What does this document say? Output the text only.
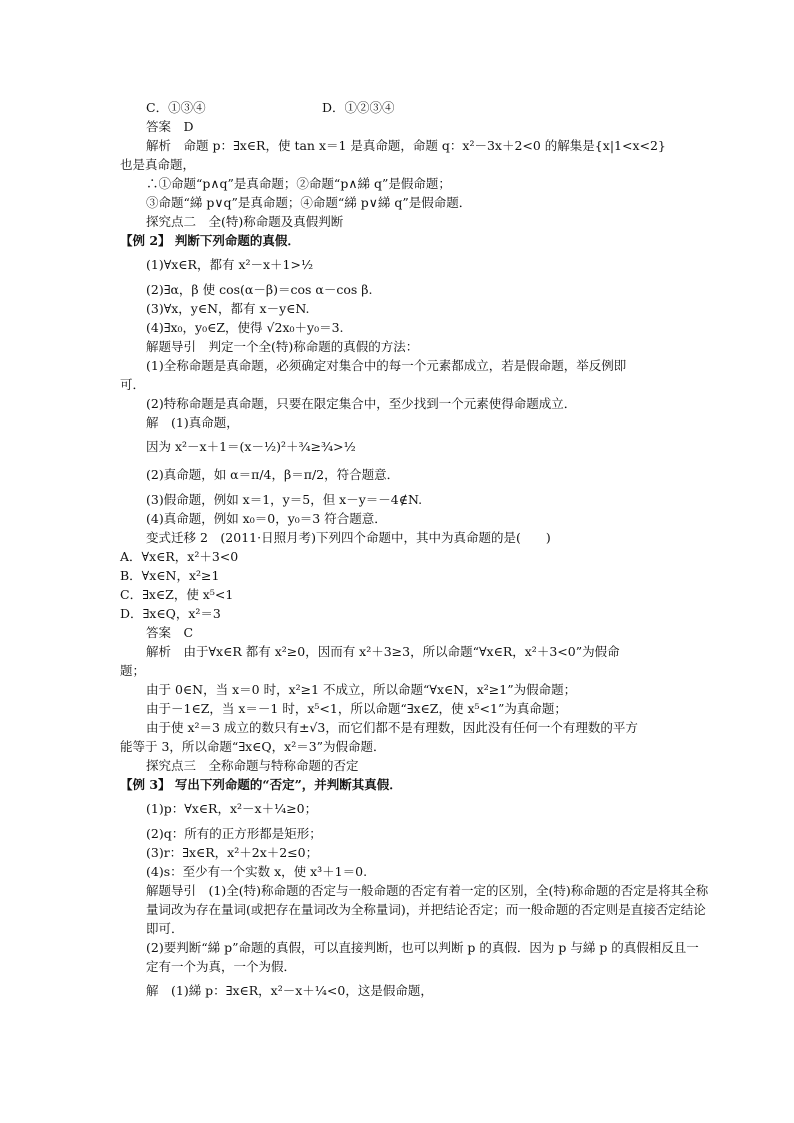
C．①③④	D．①②③④
答案　D
解析　命题 p：∃x∈R，使 tan x＝1 是真命题，命题 q：x²－3x＋2<0 的解集是{x|1<x<2}
也是真命题，
∴①命题“p∧q”是真命题；②命题“p∧綈 q”是假命题；
③命题“綈 p∨q”是真命题；④命题“綈 p∨綈 q”是假命题．
探究点二　全(特)称命题及真假判断
【例 2】 判断下列命题的真假．
(1)∀x∈R，都有 x²－x＋1>½
(2)∃α，β 使 cos(α－β)＝cos α－cos β.
(3)∀x，y∈N，都有 x－y∈N.
(4)∃x₀，y₀∈Z，使得 √2x₀＋y₀＝3.
解题导引　判定一个全(特)称命题的真假的方法：
(1)全称命题是真命题，必须确定对集合中的每一个元素都成立，若是假命题，举反例即
可．
(2)特称命题是真命题，只要在限定集合中，至少找到一个元素使得命题成立．
解　(1)真命题，
因为 x²－x＋1＝(x－½)²＋¾≥¾>½
(2)真命题，如 α＝π/4，β＝π/2，符合题意．
(3)假命题，例如 x＝1，y＝5，但 x－y＝－4∉N.
(4)真命题，例如 x₀＝0，y₀＝3 符合题意．
变式迁移 2　(2011·日照月考)下列四个命题中，其中为真命题的是(　　)
A．∀x∈R，x²＋3<0
B．∀x∈N，x²≥1
C．∃x∈Z，使 x⁵<1
D．∃x∈Q，x²＝3
答案　C
解析　由于∀x∈R 都有 x²≥0，因而有 x²＋3≥3，所以命题“∀x∈R，x²＋3<0”为假命
题；
由于 0∈N，当 x＝0 时，x²≥1 不成立，所以命题“∀x∈N，x²≥1”为假命题；
由于－1∈Z，当 x＝－1 时，x⁵<1，所以命题“∃x∈Z，使 x⁵<1”为真命题；
由于使 x²＝3 成立的数只有±√3，而它们都不是有理数，因此没有任何一个有理数的平方
能等于 3，所以命题“∃x∈Q，x²＝3”为假命题．
探究点三　全称命题与特称命题的否定
【例 3】 写出下列命题的“否定”，并判断其真假．
(1)p：∀x∈R，x²－x＋¼≥0；
(2)q：所有的正方形都是矩形；
(3)r：∃x∈R，x²＋2x＋2≤0；
(4)s：至少有一个实数 x，使 x³＋1＝0.
解题导引　(1)全(特)称命题的否定与一般命题的否定有着一定的区别，全(特)称命题的否定是将其全称量词改为存在量词(或把存在量词改为全称量词)，并把结论否定；而一般命题的否定则是直接否定结论即可．
(2)要判断“綈 p”命题的真假，可以直接判断，也可以判断 p 的真假．因为 p 与綈 p 的真假相反且一定有一个为真，一个为假．
解　(1)綈 p：∃x∈R，x²－x＋¼<0，这是假命题，
